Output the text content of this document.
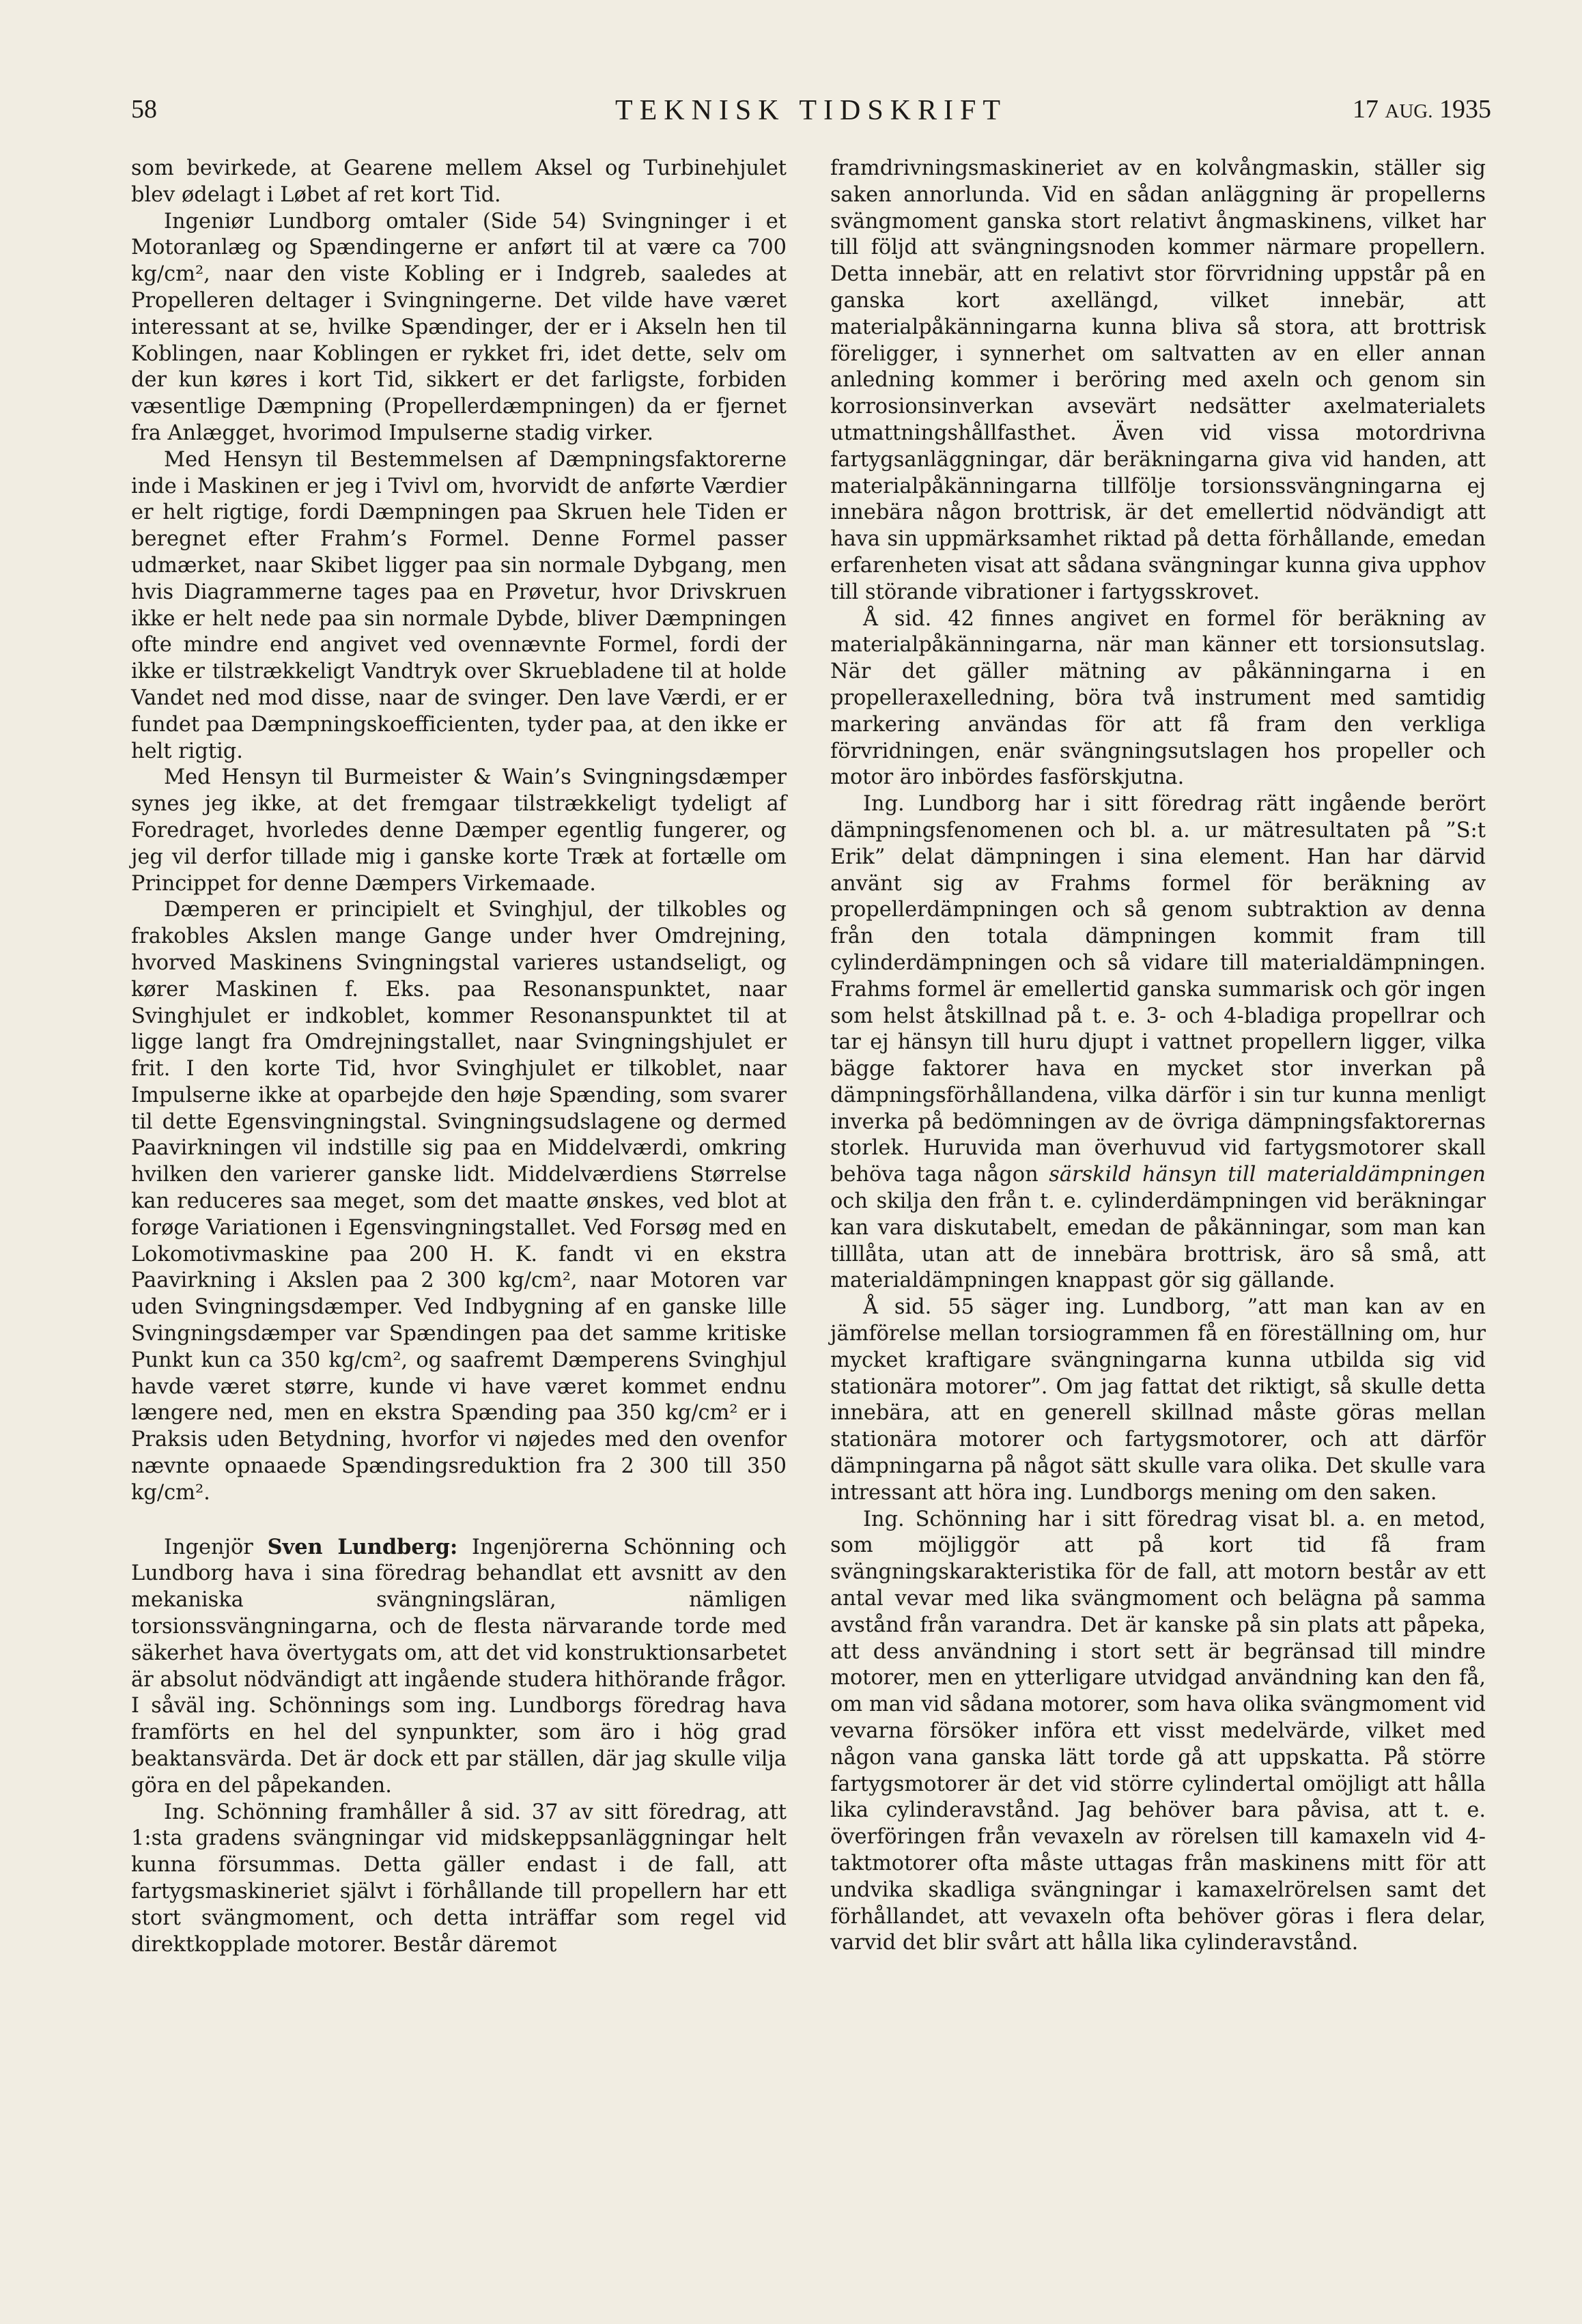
58	TEKNISK TIDSKRIFT	17 AUG. 1935

som bevirkede, at Gearene mellem Aksel og Turbinehjulet blev ødelagt i Løbet af ret kort Tid.

Ingeniør Lundborg omtaler (Side 54) Svingninger i et Motoranlæg og Spændingerne er anført til at være ca 700 kg/cm², naar den viste Kobling er i Indgreb, saaledes at Propelleren deltager i Svingningerne. Det vilde have været interessant at se, hvilke Spændinger, der er i Akseln hen til Koblingen, naar Koblingen er rykket fri, idet dette, selv om der kun køres i kort Tid, sikkert er det farligste, forbiden væsentlige Dæmpning (Propellerdæmpningen) da er fjernet fra Anlægget, hvorimod Impulserne stadig virker.

Med Hensyn til Bestemmelsen af Dæmpningsfaktorerne inde i Maskinen er jeg i Tvivl om, hvorvidt de anførte Værdier er helt rigtige, fordi Dæmpningen paa Skruen hele Tiden er beregnet efter Frahm’s Formel. Denne Formel passer udmærket, naar Skibet ligger paa sin normale Dybgang, men hvis Diagrammerne tages paa en Prøvetur, hvor Drivskruen ikke er helt nede paa sin normale Dybde, bliver Dæmpningen ofte mindre end angivet ved ovennævnte Formel, fordi der ikke er tilstrækkeligt Vandtryk over Skruebladene til at holde Vandet ned mod disse, naar de svinger. Den lave Værdi, er er fundet paa Dæmpningskoefficienten, tyder paa, at den ikke er helt rigtig.

Med Hensyn til Burmeister & Wain’s Svingningsdæmper synes jeg ikke, at det fremgaar tilstrækkeligt tydeligt af Foredraget, hvorledes denne Dæmper egentlig fungerer, og jeg vil derfor tillade mig i ganske korte Træk at fortælle om Princippet for denne Dæmpers Virkemaade.

Dæmperen er principielt et Svinghjul, der tilkobles og frakobles Akslen mange Gange under hver Omdrejning, hvorved Maskinens Svingningstal varieres ustandseligt, og kører Maskinen f. Eks. paa Resonanspunktet, naar Svinghjulet er indkoblet, kommer Resonanspunktet til at ligge langt fra Omdrejningstallet, naar Svingningshjulet er frit. I den korte Tid, hvor Svinghjulet er tilkoblet, naar Impulserne ikke at oparbejde den høje Spænding, som svarer til dette Egensvingningstal. Svingningsudslagene og dermed Paavirkningen vil indstille sig paa en Middelværdi, omkring hvilken den varierer ganske lidt. Middelværdiens Størrelse kan reduceres saa meget, som det maatte ønskes, ved blot at forøge Variationen i Egensvingningstallet. Ved Forsøg med en Lokomotivmaskine paa 200 H. K. fandt vi en ekstra Paavirkning i Akslen paa 2 300 kg/cm², naar Motoren var uden Svingningsdæmper. Ved Indbygning af en ganske lille Svingningsdæmper var Spændingen paa det samme kritiske Punkt kun ca 350 kg/cm², og saafremt Dæmperens Svinghjul havde været større, kunde vi have været kommet endnu længere ned, men en ekstra Spænding paa 350 kg/cm² er i Praksis uden Betydning, hvorfor vi nøjedes med den ovenfor nævnte opnaaede Spændingsreduktion fra 2 300 till 350 kg/cm².

Ingenjör Sven Lundberg: Ingenjörerna Schönning och Lundborg hava i sina föredrag behandlat ett avsnitt av den mekaniska svängningsläran, nämligen torsionssvängningarna, och de flesta närvarande torde med säkerhet hava övertygats om, att det vid konstruktionsarbetet är absolut nödvändigt att ingående studera hithörande frågor. I såväl ing. Schönnings som ing. Lundborgs föredrag hava framförts en hel del synpunkter, som äro i hög grad beaktansvärda. Det är dock ett par ställen, där jag skulle vilja göra en del påpekanden.

Ing. Schönning framhåller å sid. 37 av sitt föredrag, att 1:sta gradens svängningar vid midskeppsanläggningar helt kunna försummas. Detta gäller endast i de fall, att fartygsmaskineriet självt i förhållande till propellern har ett stort svängmoment, och detta inträffar som regel vid direktkopplade motorer. Består däremot

framdrivningsmaskineriet av en kolvångmaskin, ställer sig saken annorlunda. Vid en sådan anläggning är propellerns svängmoment ganska stort relativt ångmaskinens, vilket har till följd att svängningsnoden kommer närmare propellern. Detta innebär, att en relativt stor förvridning uppstår på en ganska kort axellängd, vilket innebär, att materialpåkänningarna kunna bliva så stora, att brottrisk föreligger, i synnerhet om saltvatten av en eller annan anledning kommer i beröring med axeln och genom sin korrosionsinverkan avsevärt nedsätter axelmaterialets utmattningshållfasthet. Även vid vissa motordrivna fartygsanläggningar, där beräkningarna giva vid handen, att materialpåkänningarna tillfölje torsionssvängningarna ej innebära någon brottrisk, är det emellertid nödvändigt att hava sin uppmärksamhet riktad på detta förhållande, emedan erfarenheten visat att sådana svängningar kunna giva upphov till störande vibrationer i fartygsskrovet.

Å sid. 42 finnes angivet en formel för beräkning av materialpåkänningarna, när man känner ett torsionsutslag. När det gäller mätning av påkänningarna i en propelleraxelledning, böra två instrument med samtidig markering användas för att få fram den verkliga förvridningen, enär svängningsutslagen hos propeller och motor äro inbördes fasförskjutna.

Ing. Lundborg har i sitt föredrag rätt ingående berört dämpningsfenomenen och bl. a. ur mätresultaten på ”S:t Erik” delat dämpningen i sina element. Han har därvid använt sig av Frahms formel för beräkning av propellerdämpningen och så genom subtraktion av denna från den totala dämpningen kommit fram till cylinderdämpningen och så vidare till materialdämpningen. Frahms formel är emellertid ganska summarisk och gör ingen som helst åtskillnad på t. e. 3- och 4-bladiga propellrar och tar ej hänsyn till huru djupt i vattnet propellern ligger, vilka bägge faktorer hava en mycket stor inverkan på dämpningsförhållandena, vilka därför i sin tur kunna menligt inverka på bedömningen av de övriga dämpningsfaktorernas storlek. Huruvida man överhuvud vid fartygsmotorer skall behöva taga någon särskild hänsyn till materialdämpningen och skilja den från t. e. cylinderdämpningen vid beräkningar kan vara diskutabelt, emedan de påkänningar, som man kan tilllåta, utan att de innebära brottrisk, äro så små, att materialdämpningen knappast gör sig gällande.

Å sid. 55 säger ing. Lundborg, ”att man kan av en jämförelse mellan torsiogrammen få en föreställning om, hur mycket kraftigare svängningarna kunna utbilda sig vid stationära motorer”. Om jag fattat det riktigt, så skulle detta innebära, att en generell skillnad måste göras mellan stationära motorer och fartygsmotorer, och att därför dämpningarna på något sätt skulle vara olika. Det skulle vara intressant att höra ing. Lundborgs mening om den saken.

Ing. Schönning har i sitt föredrag visat bl. a. en metod, som möjliggör att på kort tid få fram svängningskarakteristika för de fall, att motorn består av ett antal vevar med lika svängmoment och belägna på samma avstånd från varandra. Det är kanske på sin plats att påpeka, att dess användning i stort sett är begränsad till mindre motorer, men en ytterligare utvidgad användning kan den få, om man vid sådana motorer, som hava olika svängmoment vid vevarna försöker införa ett visst medelvärde, vilket med någon vana ganska lätt torde gå att uppskatta. På större fartygsmotorer är det vid större cylindertal omöjligt att hålla lika cylinderavstånd. Jag behöver bara påvisa, att t. e. överföringen från vevaxeln av rörelsen till kamaxeln vid 4-taktmotorer ofta måste uttagas från maskinens mitt för att undvika skadliga svängningar i kamaxelrörelsen samt det förhållandet, att vevaxeln ofta behöver göras i flera delar, varvid det blir svårt att hålla lika cylinderavstånd.
